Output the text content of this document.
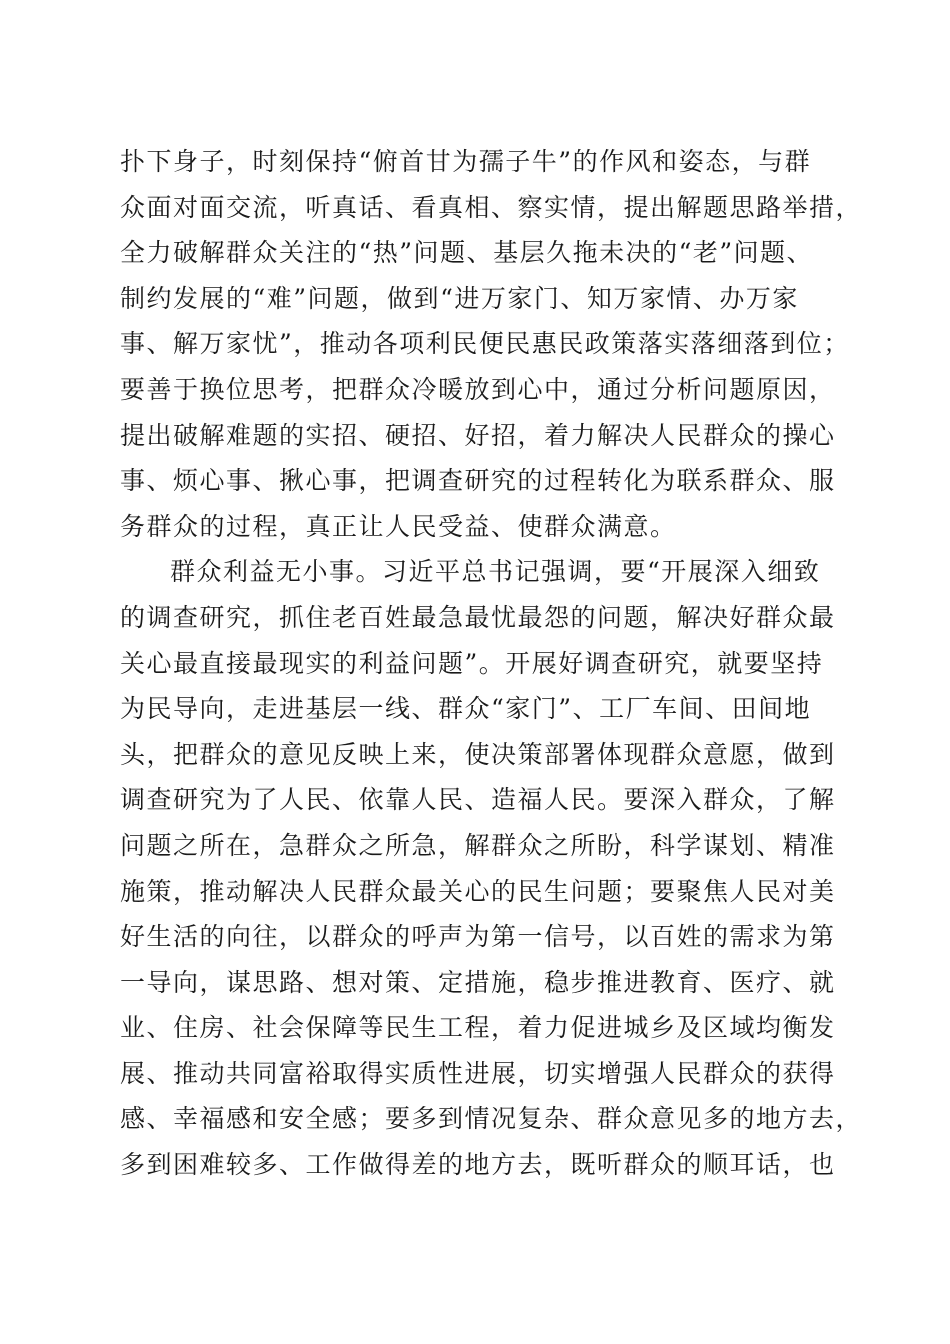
扑下身子，时刻保持“俯首甘为孺子牛”的作风和姿态，与群
众面对面交流，听真话、看真相、察实情，提出解题思路举措，
全力破解群众关注的“热”问题、基层久拖未决的“老”问题、
制约发展的“难”问题，做到“进万家门、知万家情、办万家
事、解万家忧”，推动各项利民便民惠民政策落实落细落到位；
要善于换位思考，把群众冷暖放到心中，通过分析问题原因，
提出破解难题的实招、硬招、好招，着力解决人民群众的操心
事、烦心事、揪心事，把调查研究的过程转化为联系群众、服
务群众的过程，真正让人民受益、使群众满意。
群众利益无小事。习近平总书记强调，要“开展深入细致
的调查研究，抓住老百姓最急最忧最怨的问题，解决好群众最
关心最直接最现实的利益问题”。开展好调查研究，就要坚持
为民导向，走进基层一线、群众“家门”、工厂车间、田间地
头，把群众的意见反映上来，使决策部署体现群众意愿，做到
调查研究为了人民、依靠人民、造福人民。要深入群众，了解
问题之所在，急群众之所急，解群众之所盼，科学谋划、精准
施策，推动解决人民群众最关心的民生问题；要聚焦人民对美
好生活的向往，以群众的呼声为第一信号，以百姓的需求为第
一导向，谋思路、想对策、定措施，稳步推进教育、医疗、就
业、住房、社会保障等民生工程，着力促进城乡及区域均衡发
展、推动共同富裕取得实质性进展，切实增强人民群众的获得
感、幸福感和安全感；要多到情况复杂、群众意见多的地方去，
多到困难较多、工作做得差的地方去，既听群众的顺耳话，也
